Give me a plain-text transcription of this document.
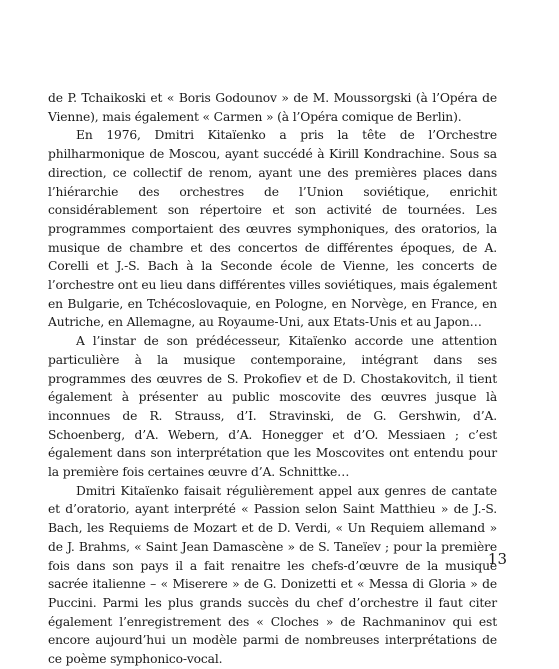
de P. Tchaikoski et « Boris Godounov » de M. Moussorgski (à l’Opéra de Vienne), mais également « Carmen » (à l’Opéra comique de Berlin).

En 1976, Dmitri Kitaïenko a pris la tête de l’Orchestre philharmonique de Moscou, ayant succédé à Kirill Kondrachine. Sous sa direction, ce collectif de renom, ayant une des premières places dans l’hiérarchie des orchestres de l’Union soviétique, enrichit considérablement son répertoire et son activité de tournées. Les programmes comportaient des œuvres symphoniques, des oratorios, la musique de chambre et des concertos de différentes époques, de A. Corelli et J.-S. Bach à la Seconde école de Vienne, les concerts de l’orchestre ont eu lieu dans différentes villes soviétiques, mais également en Bulgarie, en Tchécoslovaquie, en Pologne, en Norvège, en France, en Autriche, en Allemagne, au Royaume-Uni, aux Etats-Unis et au Japon…

A l’instar de son prédécesseur, Kitaïenko accorde une attention particulière à la musique contemporaine, intégrant dans ses programmes des œuvres de S. Prokofiev et de D. Chostakovitch, il tient également à présenter au public moscovite des œuvres jusque là inconnues de R. Strauss, d’I. Stravinski, de G. Gershwin, d’A. Schoenberg, d’A. Webern, d’A. Honegger et d’O. Messiaen ; c’est également dans son interprétation que les Moscovites ont entendu pour la première fois certaines œuvre d’A. Schnittke…

Dmitri Kitaïenko faisait régulièrement appel aux genres de cantate et d’oratorio, ayant interprété « Passion selon Saint Matthieu » de J.-S. Bach, les Requiems de Mozart et de D. Verdi, « Un Requiem allemand » de J. Brahms, « Saint Jean Damascène » de S. Taneïev ; pour la première fois dans son pays il a fait renaitre les chefs-d’œuvre de la musique sacrée italienne – « Miserere » de G. Donizetti et « Messa di Gloria » de Puccini. Parmi les plus grands succès du chef d’orchestre il faut citer également l’enregistrement des « Cloches » de Rachmaninov qui est encore aujourd’hui un modèle parmi de nombreuses interprétations de ce poème symphonico-vocal.

13
